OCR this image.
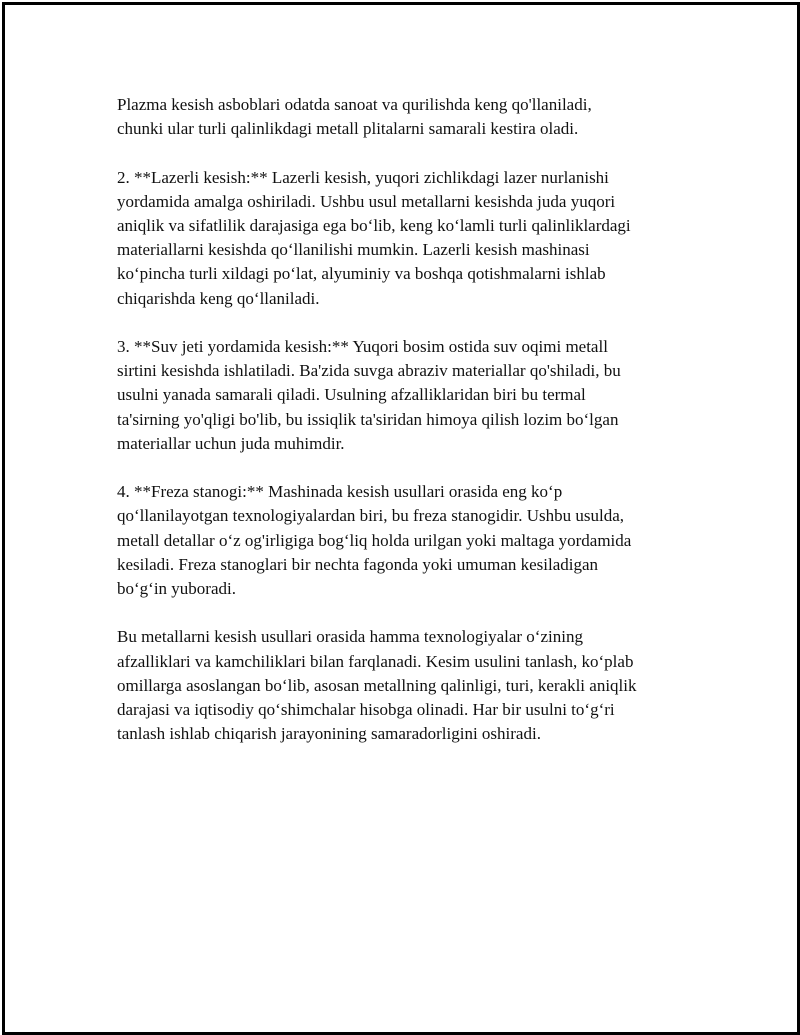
Plazma kesish asboblari odatda sanoat va qurilishda keng qo'llaniladi,
chunki ular turli qalinlikdagi metall plitalarni samarali kestira oladi.

2. **Lazerli kesish:** Lazerli kesish, yuqori zichlikdagi lazer nurlanishi
yordamida amalga oshiriladi. Ushbu usul metallarni kesishda juda yuqori
aniqlik va sifatlilik darajasiga ega bo‘lib, keng ko‘lamli turli qalinliklardagi
materiallarni kesishda qo‘llanilishi mumkin. Lazerli kesish mashinasi
ko‘pincha turli xildagi po‘lat, alyuminiy va boshqa qotishmalarni ishlab
chiqarishda keng qo‘llaniladi.

3. **Suv jeti yordamida kesish:** Yuqori bosim ostida suv oqimi metall
sirtini kesishda ishlatiladi. Ba'zida suvga abraziv materiallar qo'shiladi, bu
usulni yanada samarali qiladi. Usulning afzalliklaridan biri bu termal
ta'sirning yo'qligi bo'lib, bu issiqlik ta'siridan himoya qilish lozim bo‘lgan
materiallar uchun juda muhimdir.

4. **Freza stanogi:** Mashinada kesish usullari orasida eng ko‘p
qo‘llanilayotgan texnologiyalardan biri, bu freza stanogidir. Ushbu usulda,
metall detallar o‘z og'irligiga bog‘liq holda urilgan yoki maltaga yordamida
kesiladi. Freza stanoglari bir nechta fagonda yoki umuman kesiladigan
bo‘g‘in yuboradi.

Bu metallarni kesish usullari orasida hamma texnologiyalar o‘zining
afzalliklari va kamchiliklari bilan farqlanadi. Kesim usulini tanlash, ko‘plab
omillarga asoslangan bo‘lib, asosan metallning qalinligi, turi, kerakli aniqlik
darajasi va iqtisodiy qo‘shimchalar hisobga olinadi. Har bir usulni to‘g‘ri
tanlash ishlab chiqarish jarayonining samaradorligini oshiradi.
